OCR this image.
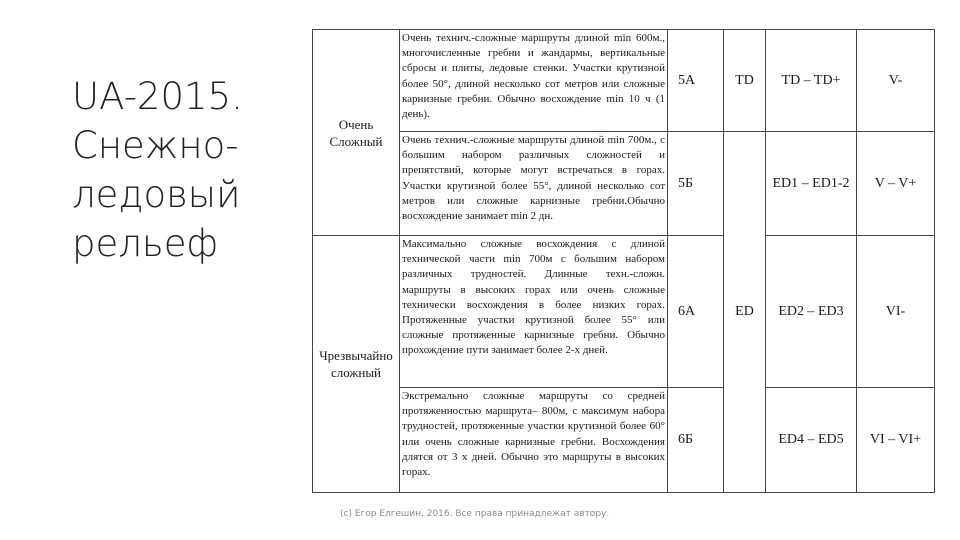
UA-2015.
Снежно-
ледовый
рельеф
Очень
Сложный	Очень технич.-сложные маршруты длиной min 600м., многочисленные гребни и жандармы, вертикальные сбросы и плиты, ледовые стенки. Участки крутизной более 50°, длиной несколько сот метров или сложные карнизные гребни. Обычно восхождение min 10 ч (1 день).	5А	TD	TD – TD+	V-
	Очень технич.-сложные маршруты длиной min 700м., с большим набором различных сложностей и препятствий, которые могут встречаться в горах. Участки крутизной более 55°, длиной несколько сот метров или сложные карнизные гребни.Обычно восхождение занимает min 2 дн.	5Б	ED	ED1 – ED1-2	V – V+
Чрезвычайно
сложный	Максимально сложные восхождения с длиной технической части min 700м с большим набором различных трудностей. Длинные техн.-сложн. маршруты в высоких горах или очень сложные технически восхождения в более низких горах. Протяженные участки крутизной более 55° или сложные протяженные карнизные гребни. Обычно прохождение пути занимает более 2-х дней.	6А		ED2 – ED3	VI-
	Экстремально сложные маршруты со средней протяженностью маршрута– 800м, с максимум набора трудностей, протяженные участки крутизной более 60° или очень сложные карнизные гребни. Восхождения длятся от 3 х дней. Обычно это маршруты в высоких горах.	6Б		ED4 – ED5	VI – VI+
(c) Егор Елгешин, 2016. Все права принадлежат автору.
